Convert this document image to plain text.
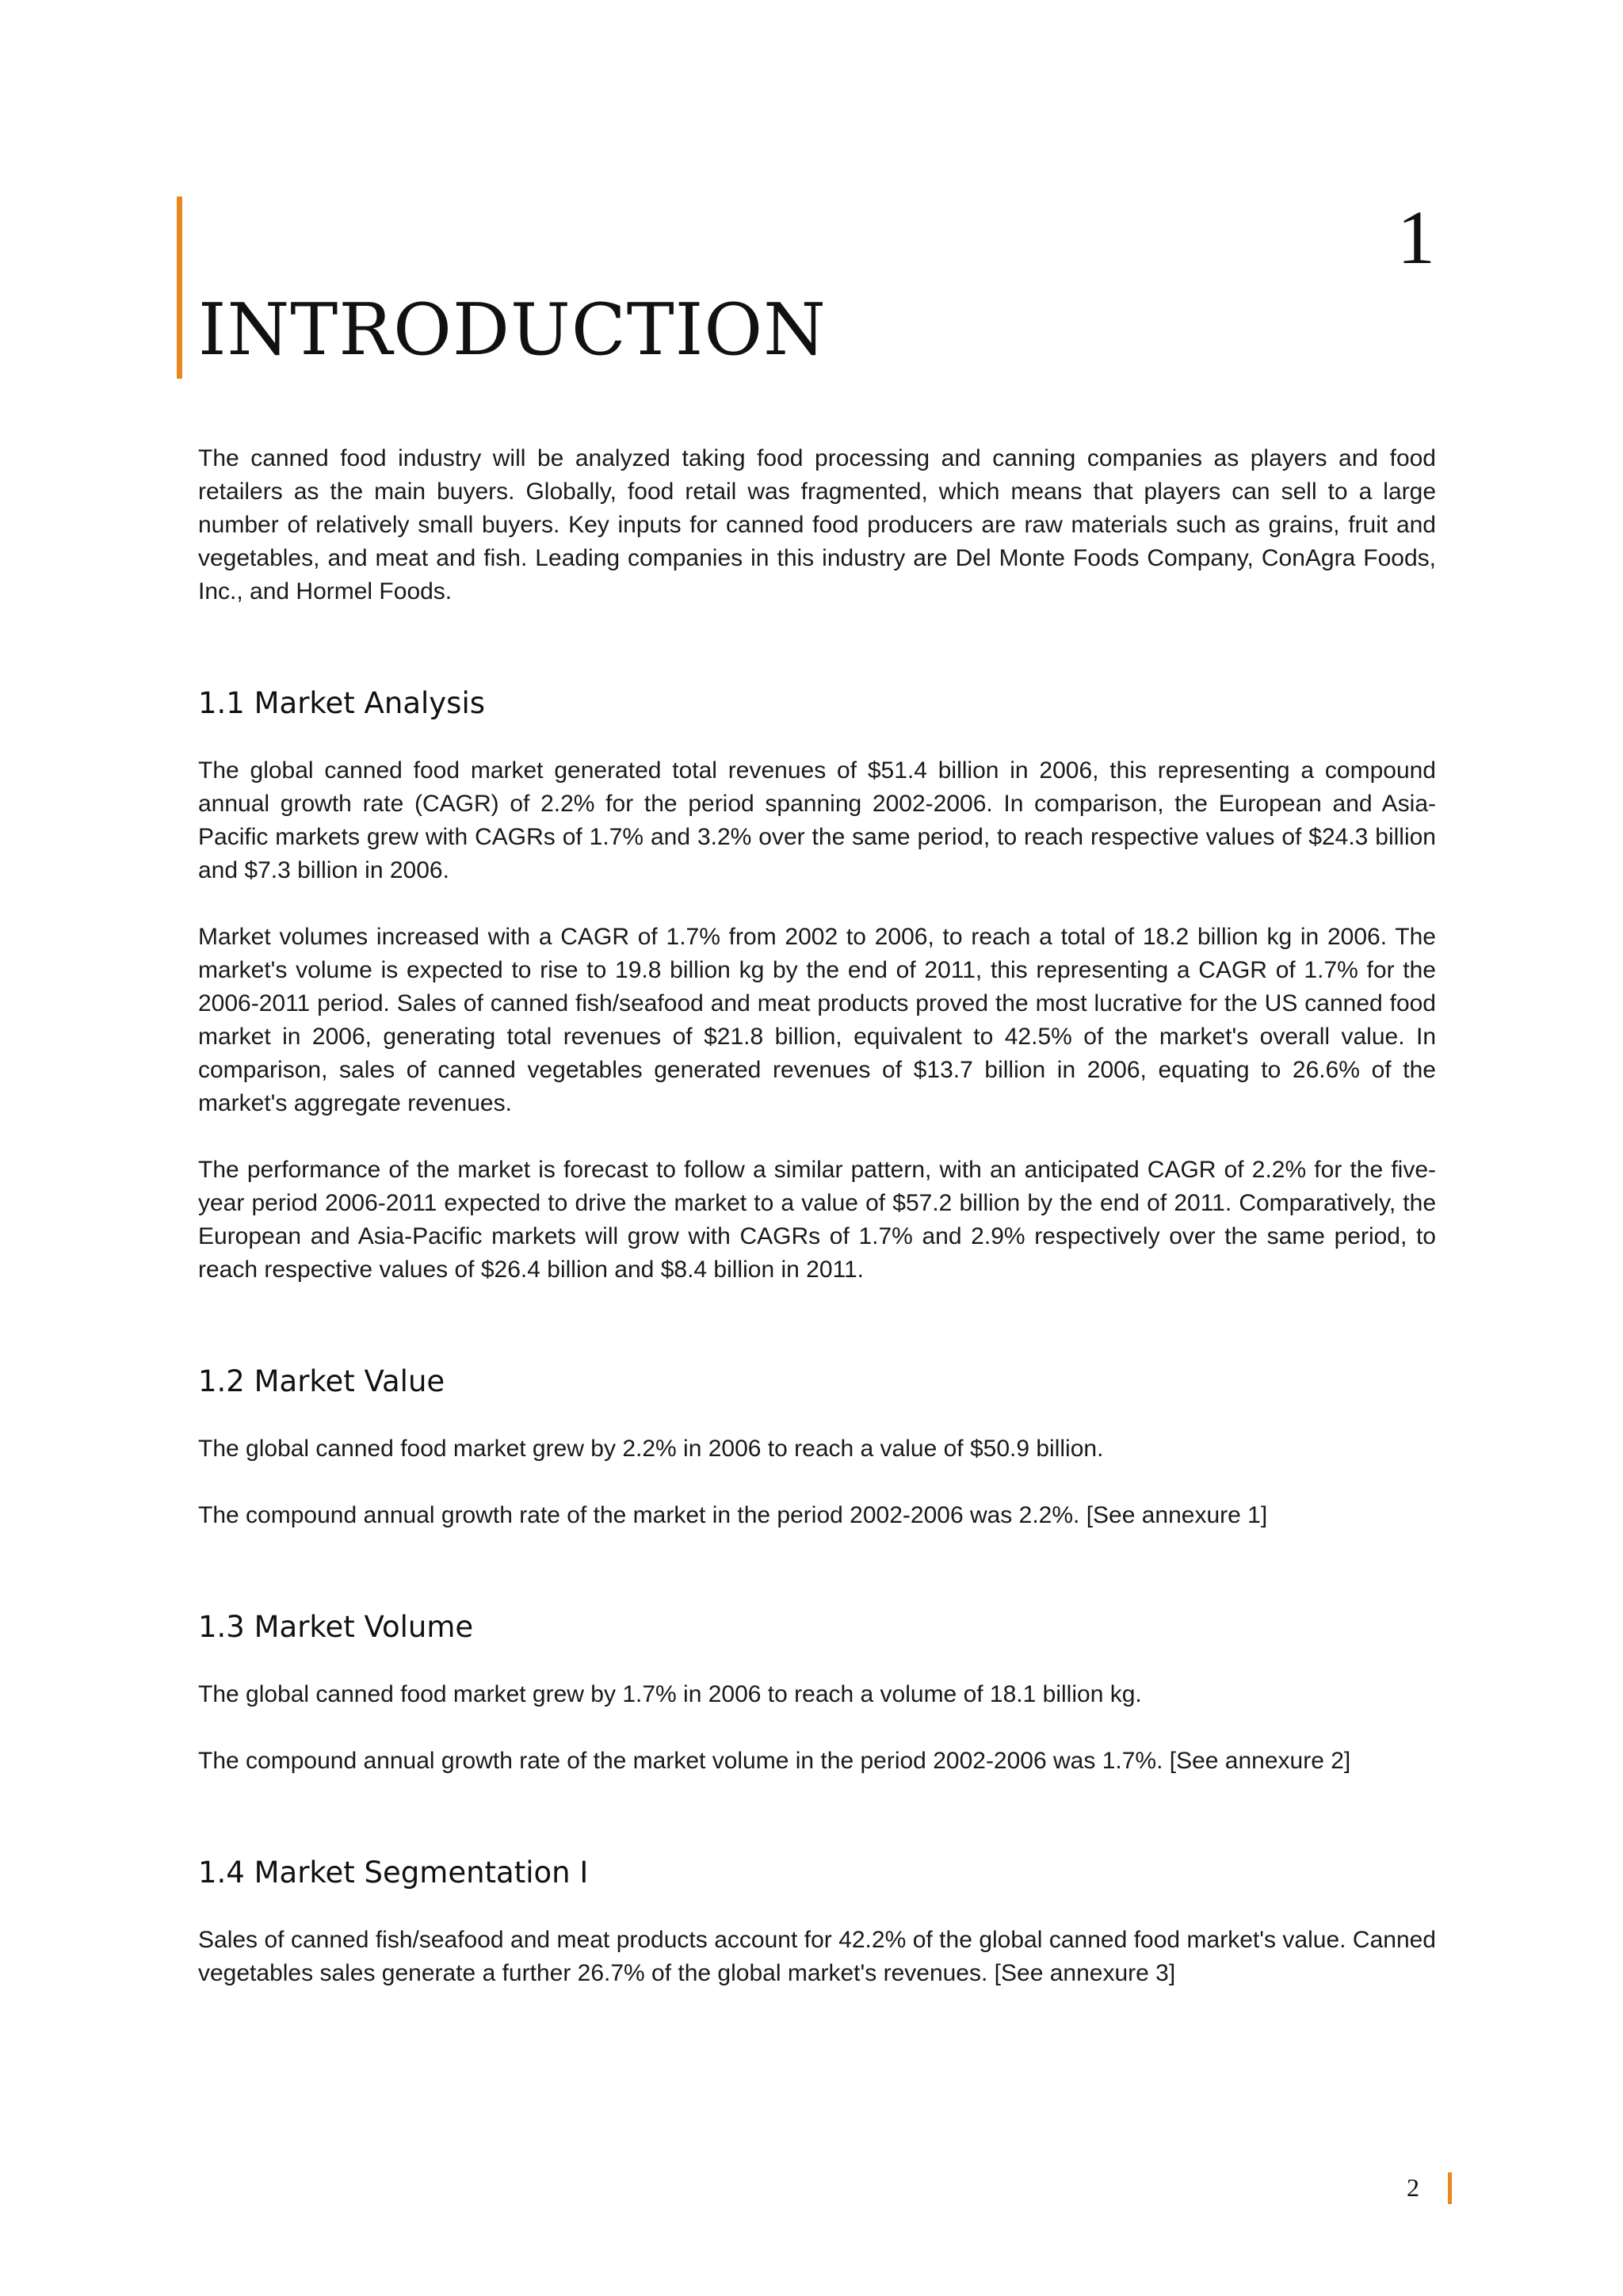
1
INTRODUCTION

The canned food industry will be analyzed taking food processing and canning companies as players and food retailers as the main buyers. Globally, food retail was fragmented, which means that players can sell to a large number of relatively small buyers. Key inputs for canned food producers are raw materials such as grains, fruit and vegetables, and meat and fish. Leading companies in this industry are Del Monte Foods Company, ConAgra Foods, Inc., and Hormel Foods.

1.1 Market Analysis

The global canned food market generated total revenues of $51.4 billion in 2006, this representing a compound annual growth rate (CAGR) of 2.2% for the period spanning 2002-2006. In comparison, the European and Asia-Pacific markets grew with CAGRs of 1.7% and 3.2% over the same period, to reach respective values of $24.3 billion and $7.3 billion in 2006.

Market volumes increased with a CAGR of 1.7% from 2002 to 2006, to reach a total of 18.2 billion kg in 2006. The market's volume is expected to rise to 19.8 billion kg by the end of 2011, this representing a CAGR of 1.7% for the 2006-2011 period. Sales of canned fish/seafood and meat products proved the most lucrative for the US canned food market in 2006, generating total revenues of $21.8 billion, equivalent to 42.5% of the market's overall value. In comparison, sales of canned vegetables generated revenues of $13.7 billion in 2006, equating to 26.6% of the market's aggregate revenues.

The performance of the market is forecast to follow a similar pattern, with an anticipated CAGR of 2.2% for the five-year period 2006-2011 expected to drive the market to a value of $57.2 billion by the end of 2011. Comparatively, the European and Asia-Pacific markets will grow with CAGRs of 1.7% and 2.9% respectively over the same period, to reach respective values of $26.4 billion and $8.4 billion in 2011.

1.2 Market Value

The global canned food market grew by 2.2% in 2006 to reach a value of $50.9 billion.

The compound annual growth rate of the market in the period 2002-2006 was 2.2%. [See annexure 1]

1.3 Market Volume

The global canned food market grew by 1.7% in 2006 to reach a volume of 18.1 billion kg.

The compound annual growth rate of the market volume in the period 2002-2006 was 1.7%. [See annexure 2]

1.4 Market Segmentation I

Sales of canned fish/seafood and meat products account for 42.2% of the global canned food market's value. Canned vegetables sales generate a further 26.7% of the global market's revenues. [See annexure 3]

2
